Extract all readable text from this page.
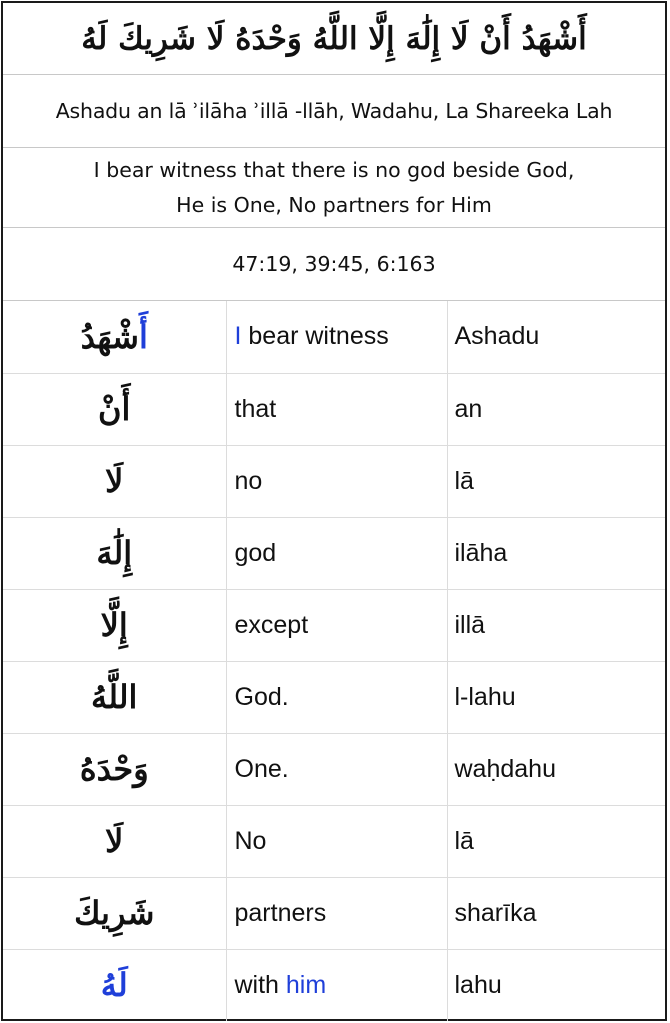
أَشْهَدُ أَنْ لَا إِلَٰهَ إِلَّا اللَّهُ وَحْدَهُ لَا شَرِيكَ لَهُ
Ashadu an lā ʾilāha ʾillā -llāh, Wadahu, La Shareeka Lah
I bear witness that there is no god beside God,
He is One, No partners for Him
47:19, 39:45, 6:163
أَشْهَدُ	I bear witness	Ashadu
أَنْ	that	an
لَا	no	lā
إِلَٰهَ	god	ilāha
إِلَّا	except	illā
اللَّهُ	God.	l-lahu
وَحْدَهُ	One.	waḥdahu
لَا	No	lā
شَرِيكَ	partners	sharīka
لَهُ	with him	lahu
